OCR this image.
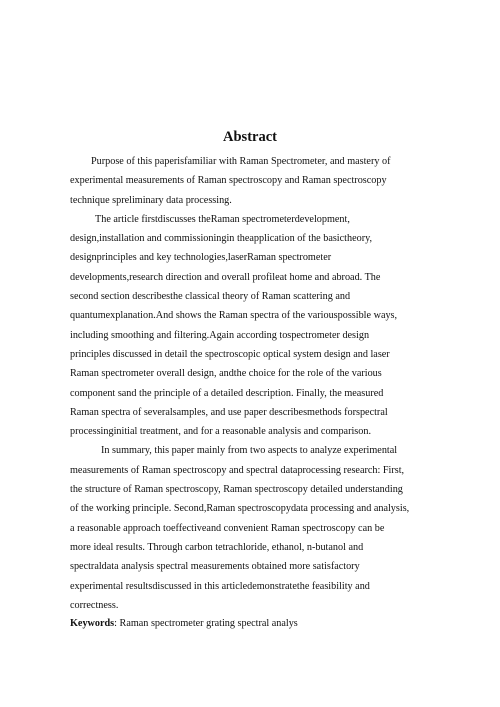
Abstract

Purpose of this paperisfamiliar with Raman Spectrometer, and mastery of
experimental measurements of Raman spectroscopy and Raman spectroscopy
technique spreliminary data processing.

The article firstdiscusses theRaman spectrometerdevelopment,
design,installation and commissioningin theapplication of the basictheory,
designprinciples and key technologies,laserRaman spectrometer
developments,research direction and overall profileat home and abroad. The
second section describesthe classical theory of Raman scattering and
quantumexplanation.And shows the Raman spectra of the variouspossible ways,
including smoothing and filtering.Again according tospectrometer design
principles discussed in detail the spectroscopic optical system design and laser
Raman spectrometer overall design, andthe choice for the role of the various
component sand the principle of a detailed description. Finally, the measured
Raman spectra of severalsamples, and use paper describesmethods forspectral
processinginitial treatment, and for a reasonable analysis and comparison.

In summary, this paper mainly from two aspects to analyze experimental
measurements of Raman spectroscopy and spectral dataprocessing research: First,
the structure of Raman spectroscopy, Raman spectroscopy detailed understanding
of the working principle. Second,Raman spectroscopydata processing and analysis,
a reasonable approach toeffectiveand convenient Raman spectroscopy can be
more ideal results. Through carbon tetrachloride, ethanol, n-butanol and
spectraldata analysis spectral measurements obtained more satisfactory
experimental resultsdiscussed in this articledemonstratethe feasibility and
correctness.

Keywords: Raman spectrometer grating spectral analys
